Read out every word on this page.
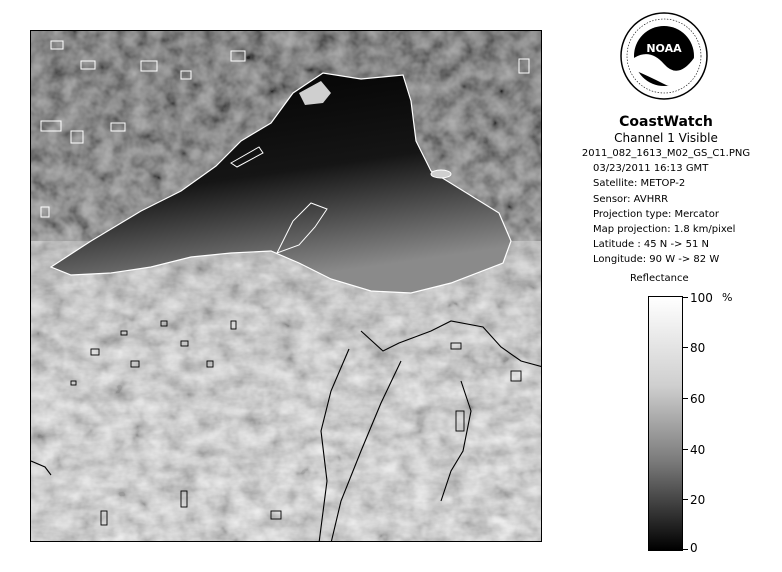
NOAA
CoastWatch
Channel 1 Visible
2011_082_1613_M02_GS_C1.PNG
03/23/2011 16:13 GMT
Satellite: METOP-2
Sensor: AVHRR
Projection type: Mercator
Map projection: 1.8 km/pixel
Latitude : 45 N -> 51 N
Longitude: 90 W -> 82 W
Reflectance
%
100
80
60
40
20
0
